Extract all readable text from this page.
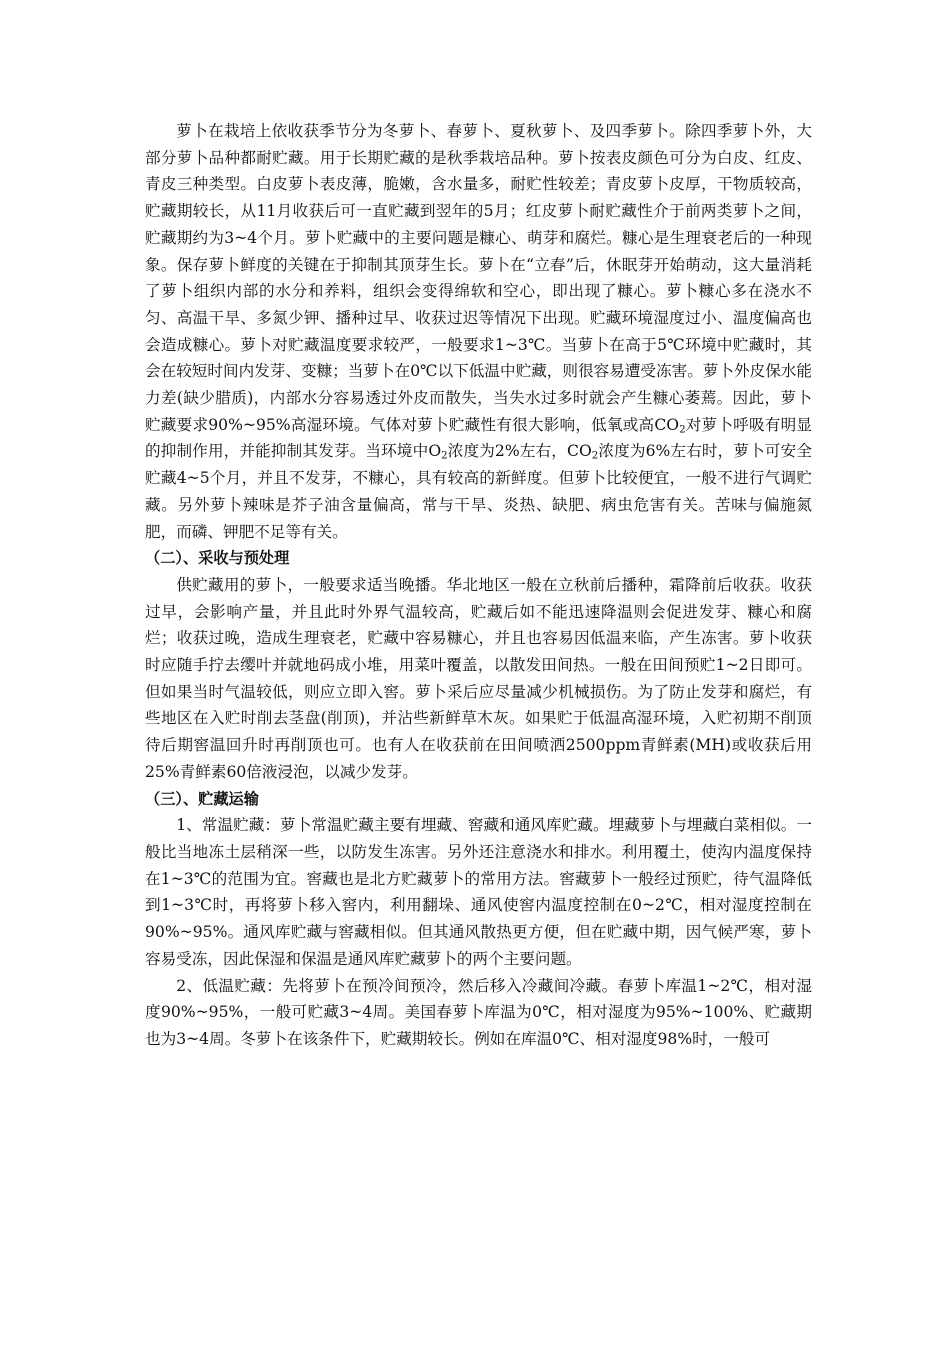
萝卜在栽培上依收获季节分为冬萝卜、春萝卜、夏秋萝卜、及四季萝卜。除四季萝卜外，大部分萝卜品种都耐贮藏。用于长期贮藏的是秋季栽培品种。萝卜按表皮颜色可分为白皮、红皮、青皮三种类型。白皮萝卜表皮薄，脆嫩，含水量多，耐贮性较差；青皮萝卜皮厚，干物质较高，贮藏期较长，从11月收获后可一直贮藏到翌年的5月；红皮萝卜耐贮藏性介于前两类萝卜之间，贮藏期约为3~4个月。萝卜贮藏中的主要问题是糠心、萌芽和腐烂。糠心是生理衰老后的一种现象。保存萝卜鲜度的关键在于抑制其顶芽生长。萝卜在“立春”后，休眠芽开始萌动，这大量消耗了萝卜组织内部的水分和养料，组织会变得绵软和空心，即出现了糠心。萝卜糠心多在浇水不匀、高温干旱、多氮少钾、播种过早、收获过迟等情况下出现。贮藏环境湿度过小、温度偏高也会造成糠心。萝卜对贮藏温度要求较严，一般要求1~3℃。当萝卜在高于5℃环境中贮藏时，其会在较短时间内发芽、变糠；当萝卜在0℃以下低温中贮藏，则很容易遭受冻害。萝卜外皮保水能力差(缺少腊质)，内部水分容易透过外皮而散失，当失水过多时就会产生糠心萎蔫。因此，萝卜贮藏要求90%~95%高湿环境。气体对萝卜贮藏性有很大影响，低氧或高$CO_2$对萝卜呼吸有明显的抑制作用，并能抑制其发芽。当环境中$O_2$浓度为2%左右，$CO_2$浓度为6%左右时，萝卜可安全贮藏4~5个月，并且不发芽，不糠心，具有较高的新鲜度。但萝卜比较便宜，一般不进行气调贮藏。另外萝卜辣味是芥子油含量偏高，常与干旱、炎热、缺肥、病虫危害有关。苦味与偏施氮肥，而磷、钾肥不足等有关。

（二）、采收与预处理

供贮藏用的萝卜，一般要求适当晚播。华北地区一般在立秋前后播种，霜降前后收获。收获过早，会影响产量，并且此时外界气温较高，贮藏后如不能迅速降温则会促进发芽、糠心和腐烂；收获过晚，造成生理衰老，贮藏中容易糠心，并且也容易因低温来临，产生冻害。萝卜收获时应随手拧去缨叶并就地码成小堆，用菜叶覆盖，以散发田间热。一般在田间预贮1~2日即可。但如果当时气温较低，则应立即入窖。萝卜采后应尽量减少机械损伤。为了防止发芽和腐烂，有些地区在入贮时削去茎盘(削顶)，并沾些新鲜草木灰。如果贮于低温高湿环境，入贮初期不削顶待后期窖温回升时再削顶也可。也有人在收获前在田间喷洒2500ppm青鲜素(MH)或收获后用25%青鲜素60倍液浸泡，以减少发芽。

（三）、贮藏运输

1、常温贮藏：萝卜常温贮藏主要有埋藏、窖藏和通风库贮藏。埋藏萝卜与埋藏白菜相似。一般比当地冻土层稍深一些，以防发生冻害。另外还注意浇水和排水。利用覆土，使沟内温度保持在1~3℃的范围为宜。窖藏也是北方贮藏萝卜的常用方法。窖藏萝卜一般经过预贮，待气温降低到1~3℃时，再将萝卜移入窖内，利用翻垛、通风使窖内温度控制在0~2℃，相对湿度控制在90%~95%。通风库贮藏与窖藏相似。但其通风散热更方便，但在贮藏中期，因气候严寒，萝卜容易受冻，因此保湿和保温是通风库贮藏萝卜的两个主要问题。

2、低温贮藏：先将萝卜在预冷间预冷，然后移入冷藏间冷藏。春萝卜库温1~2℃，相对湿度90%~95%，一般可贮藏3~4周。美国春萝卜库温为0℃，相对湿度为95%~100%、贮藏期也为3~4周。冬萝卜在该条件下，贮藏期较长。例如在库温0℃、相对湿度98%时，一般可
